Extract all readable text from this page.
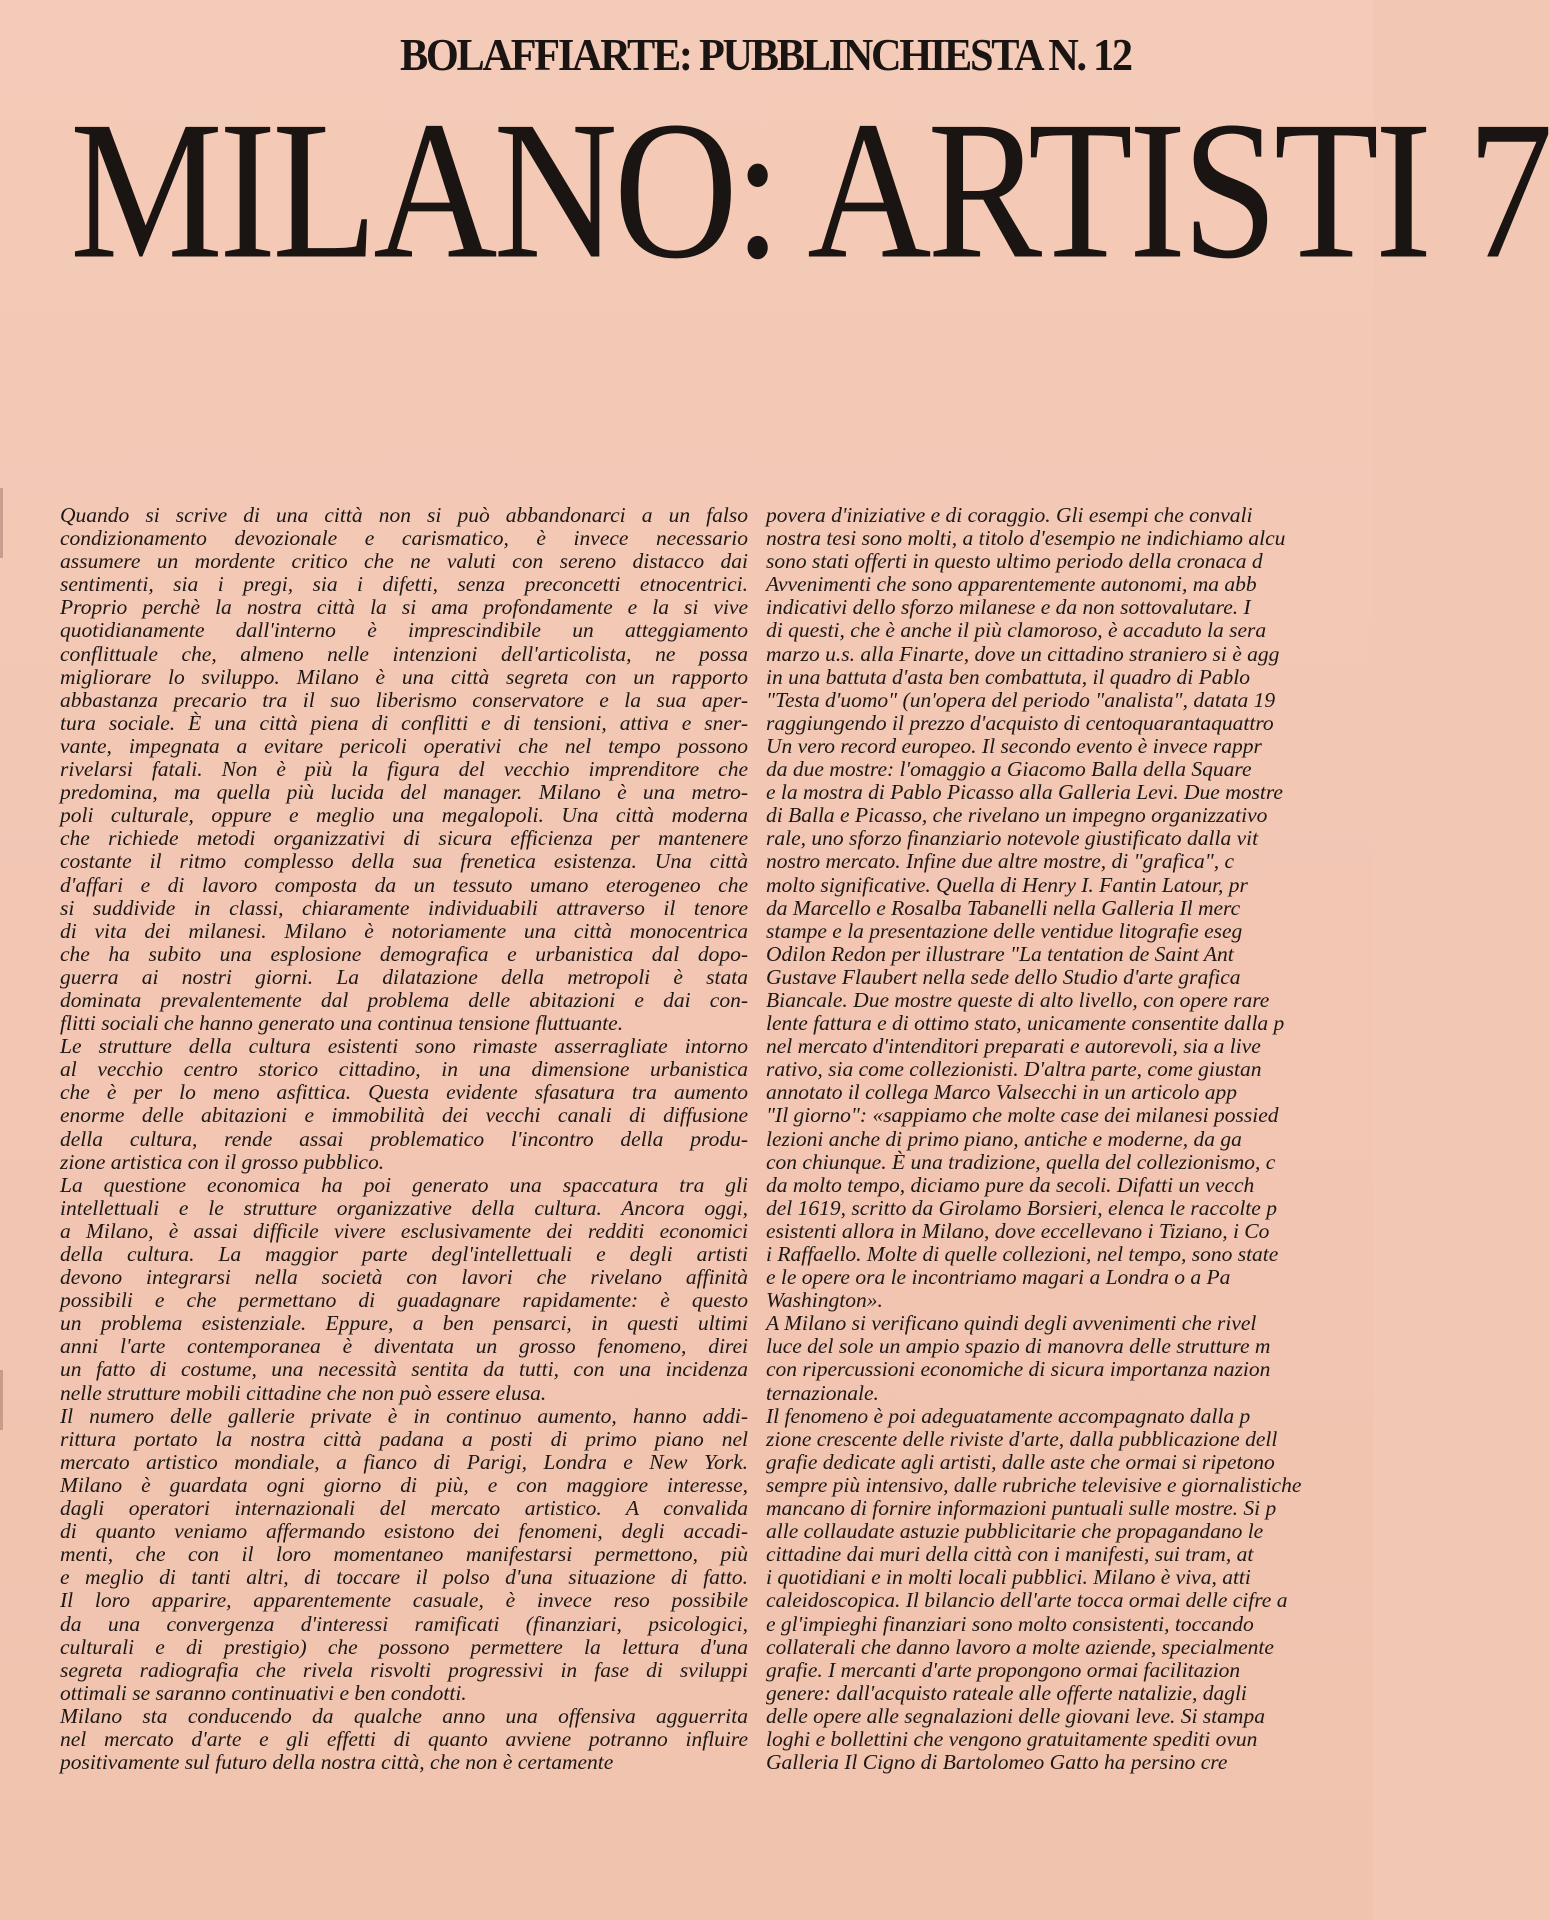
BOLAFFIARTE: PUBBLINCHIESTA N. 12
MILANO: ARTISTI 7
Quando si scrive di una città non si può abbandonarci a un falso
condizionamento devozionale e carismatico, è invece necessario
assumere un mordente critico che ne valuti con sereno distacco dai
sentimenti, sia i pregi, sia i difetti, senza preconcetti etnocentrici.
Proprio perchè la nostra città la si ama profondamente e la si vive
quotidianamente dall'interno è imprescindibile un atteggiamento
conflittuale che, almeno nelle intenzioni dell'articolista, ne possa
migliorare lo sviluppo. Milano è una città segreta con un rapporto
abbastanza precario tra il suo liberismo conservatore e la sua aper-
tura sociale. È una città piena di conflitti e di tensioni, attiva e sner-
vante, impegnata a evitare pericoli operativi che nel tempo possono
rivelarsi fatali. Non è più la figura del vecchio imprenditore che
predomina, ma quella più lucida del manager. Milano è una metro-
poli culturale, oppure e meglio una megalopoli. Una città moderna
che richiede metodi organizzativi di sicura efficienza per mantenere
costante il ritmo complesso della sua frenetica esistenza. Una città
d'affari e di lavoro composta da un tessuto umano eterogeneo che
si suddivide in classi, chiaramente individuabili attraverso il tenore
di vita dei milanesi. Milano è notoriamente una città monocentrica
che ha subito una esplosione demografica e urbanistica dal dopo-
guerra ai nostri giorni. La dilatazione della metropoli è stata
dominata prevalentemente dal problema delle abitazioni e dai con-
flitti sociali che hanno generato una continua tensione fluttuante.
Le strutture della cultura esistenti sono rimaste asserragliate intorno
al vecchio centro storico cittadino, in una dimensione urbanistica
che è per lo meno asfittica. Questa evidente sfasatura tra aumento
enorme delle abitazioni e immobilità dei vecchi canali di diffusione
della cultura, rende assai problematico l'incontro della produ-
zione artistica con il grosso pubblico.
La questione economica ha poi generato una spaccatura tra gli
intellettuali e le strutture organizzative della cultura. Ancora oggi,
a Milano, è assai difficile vivere esclusivamente dei redditi economici
della cultura. La maggior parte degl'intellettuali e degli artisti
devono integrarsi nella società con lavori che rivelano affinità
possibili e che permettano di guadagnare rapidamente: è questo
un problema esistenziale. Eppure, a ben pensarci, in questi ultimi
anni l'arte contemporanea è diventata un grosso fenomeno, direi
un fatto di costume, una necessità sentita da tutti, con una incidenza
nelle strutture mobili cittadine che non può essere elusa.
Il numero delle gallerie private è in continuo aumento, hanno addi-
rittura portato la nostra città padana a posti di primo piano nel
mercato artistico mondiale, a fianco di Parigi, Londra e New York.
Milano è guardata ogni giorno di più, e con maggiore interesse,
dagli operatori internazionali del mercato artistico. A convalida
di quanto veniamo affermando esistono dei fenomeni, degli accadi-
menti, che con il loro momentaneo manifestarsi permettono, più
e meglio di tanti altri, di toccare il polso d'una situazione di fatto.
Il loro apparire, apparentemente casuale, è invece reso possibile
da una convergenza d'interessi ramificati (finanziari, psicologici,
culturali e di prestigio) che possono permettere la lettura d'una
segreta radiografia che rivela risvolti progressivi in fase di sviluppi
ottimali se saranno continuativi e ben condotti.
Milano sta conducendo da qualche anno una offensiva agguerrita
nel mercato d'arte e gli effetti di quanto avviene potranno influire
positivamente sul futuro della nostra città, che non è certamente
povera d'iniziative e di coraggio. Gli esempi che convali
nostra tesi sono molti, a titolo d'esempio ne indichiamo alcu
sono stati offerti in questo ultimo periodo della cronaca d
Avvenimenti che sono apparentemente autonomi, ma abb
indicativi dello sforzo milanese e da non sottovalutare. I
di questi, che è anche il più clamoroso, è accaduto la sera
marzo u.s. alla Finarte, dove un cittadino straniero si è agg
in una battuta d'asta ben combattuta, il quadro di Pablo
"Testa d'uomo" (un'opera del periodo "analista", datata 19
raggiungendo il prezzo d'acquisto di centoquarantaquattro
Un vero record europeo. Il secondo evento è invece rappr
da due mostre: l'omaggio a Giacomo Balla della Square
e la mostra di Pablo Picasso alla Galleria Levi. Due mostre
di Balla e Picasso, che rivelano un impegno organizzativo
rale, uno sforzo finanziario notevole giustificato dalla vit
nostro mercato. Infine due altre mostre, di "grafica", c
molto significative. Quella di Henry I. Fantin Latour, pr
da Marcello e Rosalba Tabanelli nella Galleria Il merc
stampe e la presentazione delle ventidue litografie eseg
Odilon Redon per illustrare "La tentation de Saint Ant
Gustave Flaubert nella sede dello Studio d'arte grafica
Biancale. Due mostre queste di alto livello, con opere rare
lente fattura e di ottimo stato, unicamente consentite dalla p
nel mercato d'intenditori preparati e autorevoli, sia a live
rativo, sia come collezionisti. D'altra parte, come giustan
annotato il collega Marco Valsecchi in un articolo app
"Il giorno": «sappiamo che molte case dei milanesi possied
lezioni anche di primo piano, antiche e moderne, da ga
con chiunque. È una tradizione, quella del collezionismo, c
da molto tempo, diciamo pure da secoli. Difatti un vecch
del 1619, scritto da Girolamo Borsieri, elenca le raccolte p
esistenti allora in Milano, dove eccellevano i Tiziano, i Co
i Raffaello. Molte di quelle collezioni, nel tempo, sono state
e le opere ora le incontriamo magari a Londra o a Pa
Washington».
A Milano si verificano quindi degli avvenimenti che rivel
luce del sole un ampio spazio di manovra delle strutture m
con ripercussioni economiche di sicura importanza nazion
ternazionale.
Il fenomeno è poi adeguatamente accompagnato dalla p
zione crescente delle riviste d'arte, dalla pubblicazione dell
grafie dedicate agli artisti, dalle aste che ormai si ripetono
sempre più intensivo, dalle rubriche televisive e giornalistiche
mancano di fornire informazioni puntuali sulle mostre. Si p
alle collaudate astuzie pubblicitarie che propagandano le
cittadine dai muri della città con i manifesti, sui tram, at
i quotidiani e in molti locali pubblici. Milano è viva, atti
caleidoscopica. Il bilancio dell'arte tocca ormai delle cifre a
e gl'impieghi finanziari sono molto consistenti, toccando
collaterali che danno lavoro a molte aziende, specialmente
grafie. I mercanti d'arte propongono ormai facilitazion
genere: dall'acquisto rateale alle offerte natalizie, dagli
delle opere alle segnalazioni delle giovani leve. Si stampa
loghi e bollettini che vengono gratuitamente spediti ovun
Galleria Il Cigno di Bartolomeo Gatto ha persino cre
